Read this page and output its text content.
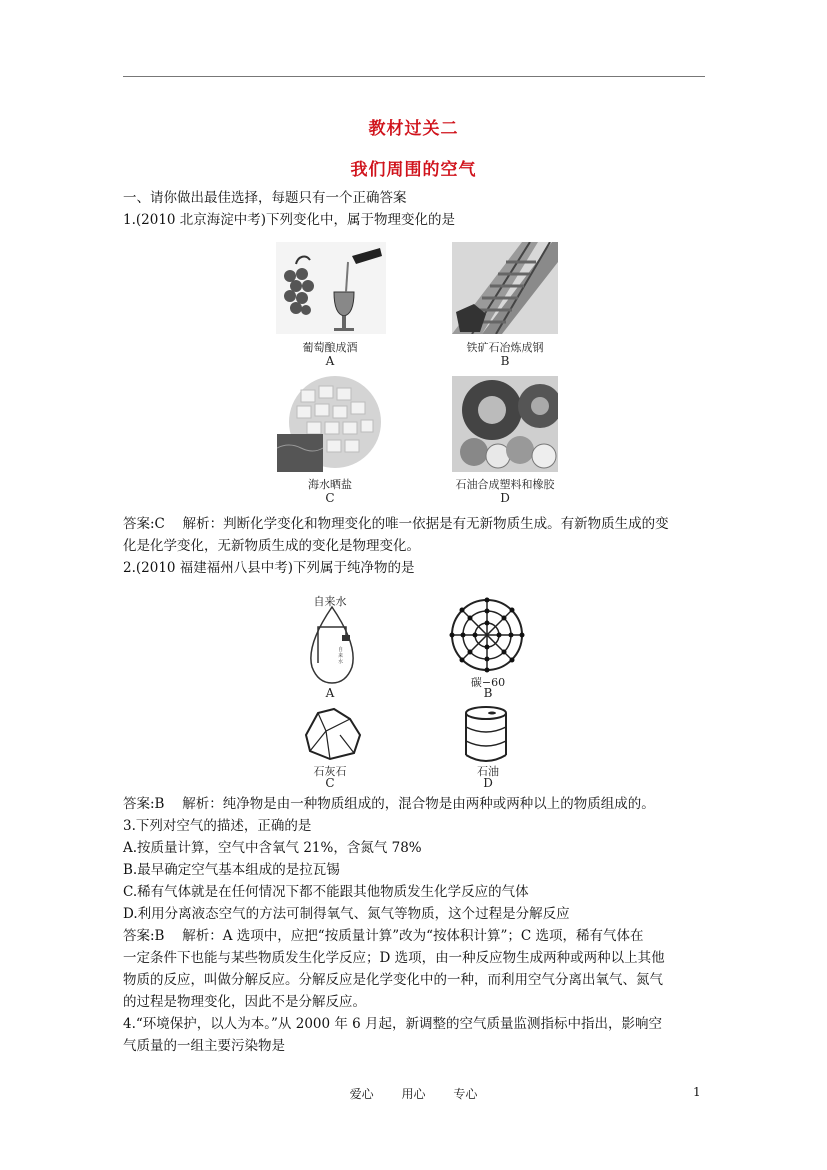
教材过关二
我们周围的空气
一、请你做出最佳选择，每题只有一个正确答案
1.(2010 北京海淀中考)下列变化中，属于物理变化的是
葡萄酿成酒
A
铁矿石冶炼成钢
B
海水晒盐
C
石油合成塑料和橡胶
D
答案:C　 解析：判断化学变化和物理变化的唯一依据是有无新物质生成。有新物质生成的变
化是化学变化，无新物质生成的变化是物理变化。
2.(2010 福建福州八县中考)下列属于纯净物的是
自来水
自
来
水
A
碳−60
B
石灰石
C
石油
D
答案:B　 解析：纯净物是由一种物质组成的，混合物是由两种或两种以上的物质组成的。
3.下列对空气的描述，正确的是
A.按质量计算，空气中含氧气 21%，含氮气 78%
B.最早确定空气基本组成的是拉瓦锡
C.稀有气体就是在任何情况下都不能跟其他物质发生化学反应的气体
D.利用分离液态空气的方法可制得氧气、氮气等物质，这个过程是分解反应
答案:B　 解析：A 选项中，应把“按质量计算”改为“按体积计算”；C 选项，稀有气体在
一定条件下也能与某些物质发生化学反应；D 选项，由一种反应物生成两种或两种以上其他
物质的反应，叫做分解反应。分解反应是化学变化中的一种，而利用空气分离出氧气、氮气
的过程是物理变化，因此不是分解反应。
4.“环境保护，以人为本。”从 2000 年 6 月起，新调整的空气质量监测指标中指出，影响空
气质量的一组主要污染物是
爱心 用心 专心	1
